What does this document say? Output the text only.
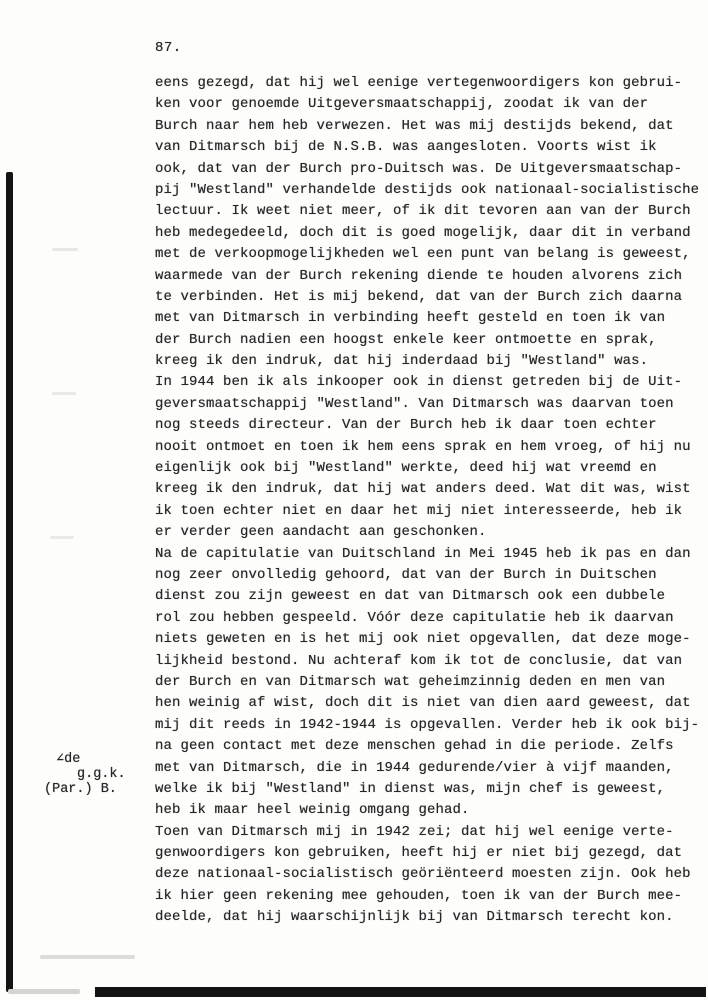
87.
eens gezegd, dat hij wel eenige vertegenwoordigers kon gebrui-
ken voor genoemde Uitgeversmaatschappij, zoodat ik van der
Burch naar hem heb verwezen. Het was mij destijds bekend, dat
van Ditmarsch bij de N.S.B. was aangesloten. Voorts wist ik
ook, dat van der Burch pro-Duitsch was. De Uitgeversmaatschap-
pij "Westland" verhandelde destijds ook nationaal-socialistische
lectuur. Ik weet niet meer, of ik dit tevoren aan van der Burch
heb medegedeeld, doch dit is goed mogelijk, daar dit in verband
met de verkoopmogelijkheden wel een punt van belang is geweest,
waarmede van der Burch rekening diende te houden alvorens zich
te verbinden. Het is mij bekend, dat van der Burch zich daarna
met van Ditmarsch in verbinding heeft gesteld en toen ik van
der Burch nadien een hoogst enkele keer ontmoette en sprak,
kreeg ik den indruk, dat hij inderdaad bij "Westland" was.
In 1944 ben ik als inkooper ook in dienst getreden bij de Uit-
geversmaatschappij "Westland". Van Ditmarsch was daarvan toen
nog steeds directeur. Van der Burch heb ik daar toen echter
nooit ontmoet en toen ik hem eens sprak en hem vroeg, of hij nu
eigenlijk ook bij "Westland" werkte, deed hij wat vreemd en
kreeg ik den indruk, dat hij wat anders deed. Wat dit was, wist
ik toen echter niet en daar het mij niet interesseerde, heb ik
er verder geen aandacht aan geschonken.
Na de capitulatie van Duitschland in Mei 1945 heb ik pas en dan
nog zeer onvolledig gehoord, dat van der Burch in Duitschen
dienst zou zijn geweest en dat van Ditmarsch ook een dubbele
rol zou hebben gespeeld. Vóór deze capitulatie heb ik daarvan
niets geweten en is het mij ook niet opgevallen, dat deze moge-
lijkheid bestond. Nu achteraf kom ik tot de conclusie, dat van
der Burch en van Ditmarsch wat geheimzinnig deden en men van
hen weinig af wist, doch dit is niet van dien aard geweest, dat
mij dit reeds in 1942-1944 is opgevallen. Verder heb ik ook bij-
na geen contact met deze menschen gehad in die periode. Zelfs
met van Ditmarsch, die in 1944 gedurende/vier à vijf maanden,
welke ik bij "Westland" in dienst was, mijn chef is geweest,
heb ik maar heel weinig omgang gehad.
Toen van Ditmarsch mij in 1942 zei; dat hij wel eenige verte-
genwoordigers kon gebruiken, heeft hij er niet bij gezegd, dat
deze nationaal-socialistisch geöriënteerd moesten zijn. Ook heb
ik hier geen rekening mee gehouden, toen ik van der Burch mee-
deelde, dat hij waarschijnlijk bij van Ditmarsch terecht kon.
∠de
g.g.k.
(Par.) B.
